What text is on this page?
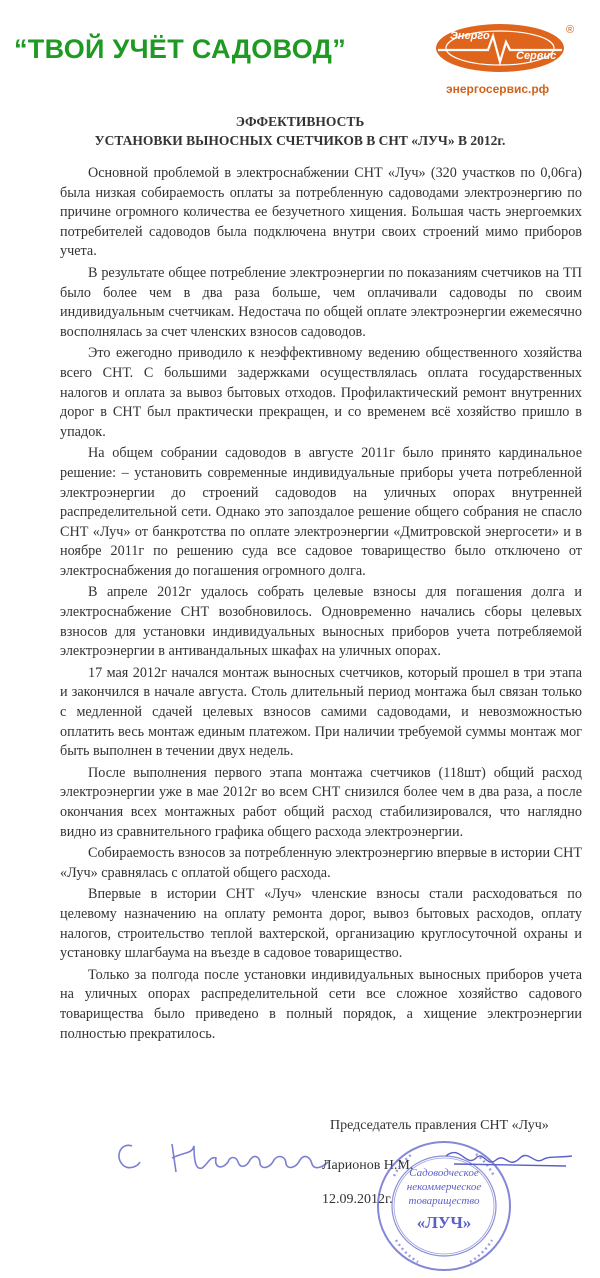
“ТВОЙ УЧЁТ САДОВОД”
®
Энерго
Сервис
энергосервис.рф
ЭФФЕКТИВНОСТЬ
УСТАНОВКИ ВЫНОСНЫХ СЧЕТЧИКОВ В СНТ «ЛУЧ» В 2012г.

Основной проблемой в электроснабжении СНТ «Луч» (320 участков по 0,06га) была низкая собираемость оплаты за потребленную садоводами электроэнергию по причине огромного количества ее безучетного хищения. Большая часть энергоемких потребителей садоводов была подключена внутри своих строений мимо приборов учета.

В результате общее потребление электроэнергии по показаниям счетчиков на ТП было более чем в два раза больше, чем оплачивали садоводы по своим индивидуальным счетчикам. Недостача по общей оплате электроэнергии ежемесячно восполнялась за счет членских взносов садоводов.

Это ежегодно приводило к неэффективному ведению общественного хозяйства всего СНТ. С большими задержками осуществлялась оплата государственных налогов и оплата за вывоз бытовых отходов. Профилактический ремонт внутренних дорог в СНТ был практически прекращен, и со временем всё хозяйство пришло в упадок.

На общем собрании садоводов в августе 2011г было принято кардинальное решение: – установить современные индивидуальные приборы учета потребленной электроэнергии до строений садоводов на уличных опорах внутренней распределительной сети. Однако это запоздалое решение общего собрания не спасло СНТ «Луч» от банкротства по оплате электроэнергии «Дмитровской энергосети» и в ноябре 2011г по решению суда все садовое товарищество было отключено от электроснабжения до погашения огромного долга.

В апреле 2012г удалось собрать целевые взносы для погашения долга и электроснабжение СНТ возобновилось. Одновременно начались сборы целевых взносов для установки индивидуальных выносных приборов учета потребляемой электроэнергии в антивандальных шкафах на уличных опорах.

17 мая 2012г начался монтаж выносных счетчиков, который прошел в три этапа и закончился в начале августа. Столь длительный период монтажа был связан только с медленной сдачей целевых взносов самими садоводами, и невозможностью оплатить весь монтаж единым платежом. При наличии требуемой суммы монтаж мог быть выполнен в течении двух недель.

После выполнения первого этапа монтажа счетчиков (118шт) общий расход электроэнергии уже в мае 2012г во всем СНТ снизился более чем в два раза, а после окончания всех монтажных работ общий расход стабилизировался, что наглядно видно из сравнительного графика общего расхода электроэнергии.

Собираемость взносов за потребленную электроэнергию впервые в истории СНТ «Луч» сравнялась с оплатой общего расхода.

Впервые в истории СНТ «Луч» членские взносы стали расходоваться по целевому назначению на оплату ремонта дорог, вывоз бытовых расходов, оплату налогов, строительство теплой вахтерской, организацию круглосуточной охраны и установку шлагбаума на въезде в садовое товарищество.

Только за полгода после установки индивидуальных выносных приборов учета на уличных опорах распределительной сети все сложное хозяйство садового товарищества было приведено в полный порядок, а хищение электроэнергии полностью прекратилось.

Председатель правления СНТ «Луч»
Ларионов Н.М.
12.09.2012г.
Садоводческое
некоммерческое
товарищество
«ЛУЧ»
